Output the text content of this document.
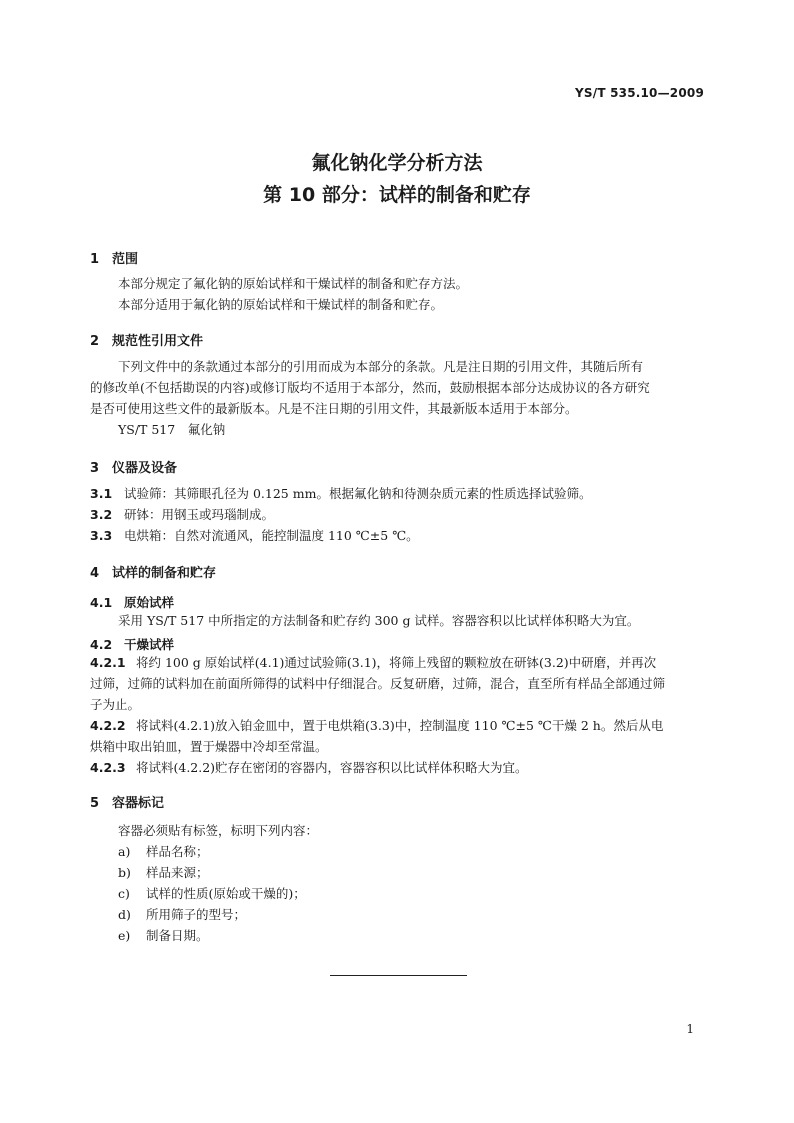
YS/T 535.10—2009
氟化钠化学分析方法
第 10 部分：试样的制备和贮存
1 范围
本部分规定了氟化钠的原始试样和干燥试样的制备和贮存方法。
本部分适用于氟化钠的原始试样和干燥试样的制备和贮存。
2 规范性引用文件
下列文件中的条款通过本部分的引用而成为本部分的条款。凡是注日期的引用文件，其随后所有
的修改单(不包括勘误的内容)或修订版均不适用于本部分，然而，鼓励根据本部分达成协议的各方研究
是否可使用这些文件的最新版本。凡是不注日期的引用文件，其最新版本适用于本部分。
YS/T 517　氟化钠
3 仪器及设备
3.1 试验筛：其筛眼孔径为 0.125 mm。根据氟化钠和待测杂质元素的性质选择试验筛。
3.2 研钵：用钢玉或玛瑙制成。
3.3 电烘箱：自然对流通风，能控制温度 110 ℃±5 ℃。
4 试样的制备和贮存
4.1 原始试样
采用 YS/T 517 中所指定的方法制备和贮存约 300 g 试样。容器容积以比试样体积略大为宜。
4.2 干燥试样
4.2.1 将约 100 g 原始试样(4.1)通过试验筛(3.1)，将筛上残留的颗粒放在研钵(3.2)中研磨，并再次
过筛，过筛的试料加在前面所筛得的试料中仔细混合。反复研磨，过筛，混合，直至所有样品全部通过筛
子为止。
4.2.2 将试料(4.2.1)放入铂金皿中，置于电烘箱(3.3)中，控制温度 110 ℃±5 ℃干燥 2 h。然后从电
烘箱中取出铂皿，置于燥器中冷却至常温。
4.2.3 将试料(4.2.2)贮存在密闭的容器内，容器容积以比试样体积略大为宜。
5 容器标记
容器必须贴有标签，标明下列内容：
a) 样品名称；
b) 样品来源；
c) 试样的性质(原始或干燥的)；
d) 所用筛子的型号；
e) 制备日期。
1
